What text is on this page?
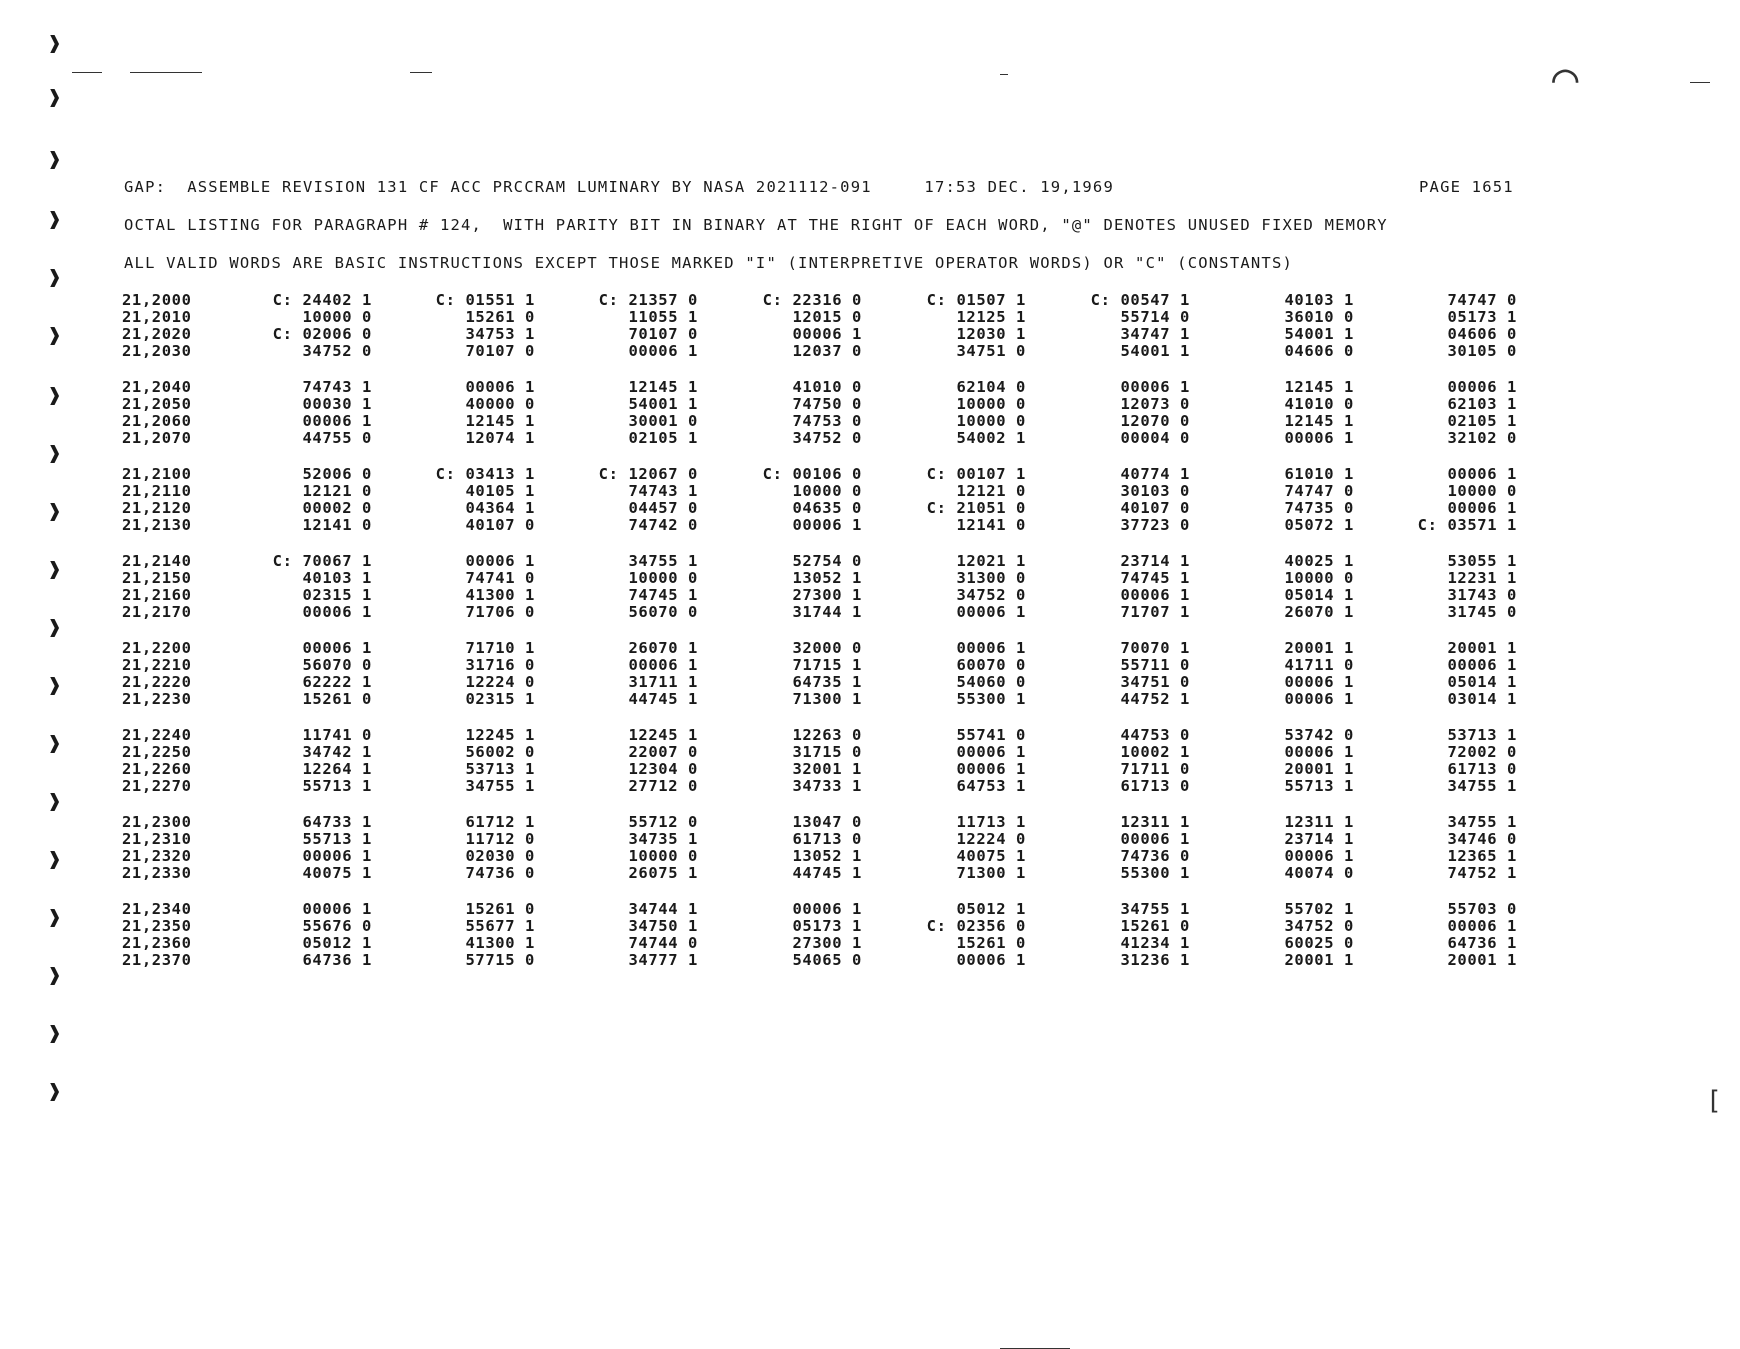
❱
❱
❱
❱
❱
❱
❱
❱
❱
❱
❱
❱
❱
❱
❱
❱
❱
❱
❱
⌒
[
GAP:  ASSEMBLE REVISION 131 CF ACC PRCCRAM LUMINARY BY NASA 2021112-091     17:53 DEC. 19,1969	PAGE 1651
OCTAL LISTING FOR PARAGRAPH # 124,  WITH PARITY BIT IN BINARY AT THE RIGHT OF EACH WORD, "@" DENOTES UNUSED FIXED MEMORY
ALL VALID WORDS ARE BASIC INSTRUCTIONS EXCEPT THOSE MARKED "I" (INTERPRETIVE OPERATOR WORDS) OR "C" (CONSTANTS)
21,2000	C: 24402 1	C: 01551 1	C: 21357 0	C: 22316 0	C: 01507 1	C: 00547 1	40103 1	74747 0
21,2010	10000 0	15261 0	11055 1	12015 0	12125 1	55714 0	36010 0	05173 1
21,2020	C: 02006 0	34753 1	70107 0	00006 1	12030 1	34747 1	54001 1	04606 0
21,2030	34752 0	70107 0	00006 1	12037 0	34751 0	54001 1	04606 0	30105 0
21,2040	74743 1	00006 1	12145 1	41010 0	62104 0	00006 1	12145 1	00006 1
21,2050	00030 1	40000 0	54001 1	74750 0	10000 0	12073 0	41010 0	62103 1
21,2060	00006 1	12145 1	30001 0	74753 0	10000 0	12070 0	12145 1	02105 1
21,2070	44755 0	12074 1	02105 1	34752 0	54002 1	00004 0	00006 1	32102 0
21,2100	52006 0	C: 03413 1	C: 12067 0	C: 00106 0	C: 00107 1	40774 1	61010 1	00006 1
21,2110	12121 0	40105 1	74743 1	10000 0	12121 0	30103 0	74747 0	10000 0
21,2120	00002 0	04364 1	04457 0	04635 0	C: 21051 0	40107 0	74735 0	00006 1
21,2130	12141 0	40107 0	74742 0	00006 1	12141 0	37723 0	05072 1	C: 03571 1
21,2140	C: 70067 1	00006 1	34755 1	52754 0	12021 1	23714 1	40025 1	53055 1
21,2150	40103 1	74741 0	10000 0	13052 1	31300 0	74745 1	10000 0	12231 1
21,2160	02315 1	41300 1	74745 1	27300 1	34752 0	00006 1	05014 1	31743 0
21,2170	00006 1	71706 0	56070 0	31744 1	00006 1	71707 1	26070 1	31745 0
21,2200	00006 1	71710 1	26070 1	32000 0	00006 1	70070 1	20001 1	20001 1
21,2210	56070 0	31716 0	00006 1	71715 1	60070 0	55711 0	41711 0	00006 1
21,2220	62222 1	12224 0	31711 1	64735 1	54060 0	34751 0	00006 1	05014 1
21,2230	15261 0	02315 1	44745 1	71300 1	55300 1	44752 1	00006 1	03014 1
21,2240	11741 0	12245 1	12245 1	12263 0	55741 0	44753 0	53742 0	53713 1
21,2250	34742 1	56002 0	22007 0	31715 0	00006 1	10002 1	00006 1	72002 0
21,2260	12264 1	53713 1	12304 0	32001 1	00006 1	71711 0	20001 1	61713 0
21,2270	55713 1	34755 1	27712 0	34733 1	64753 1	61713 0	55713 1	34755 1
21,2300	64733 1	61712 1	55712 0	13047 0	11713 1	12311 1	12311 1	34755 1
21,2310	55713 1	11712 0	34735 1	61713 0	12224 0	00006 1	23714 1	34746 0
21,2320	00006 1	02030 0	10000 0	13052 1	40075 1	74736 0	00006 1	12365 1
21,2330	40075 1	74736 0	26075 1	44745 1	71300 1	55300 1	40074 0	74752 1
21,2340	00006 1	15261 0	34744 1	00006 1	05012 1	34755 1	55702 1	55703 0
21,2350	55676 0	55677 1	34750 1	05173 1	C: 02356 0	15261 0	34752 0	00006 1
21,2360	05012 1	41300 1	74744 0	27300 1	15261 0	41234 1	60025 0	64736 1
21,2370	64736 1	57715 0	34777 1	54065 0	00006 1	31236 1	20001 1	20001 1
